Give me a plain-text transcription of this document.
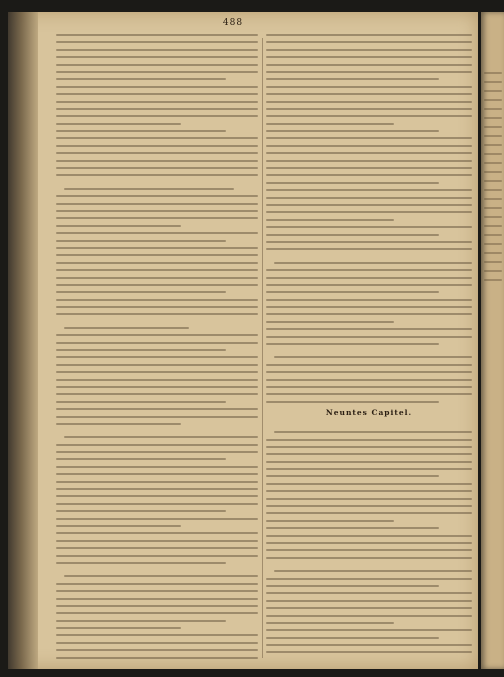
488
Neuntes Capitel.
